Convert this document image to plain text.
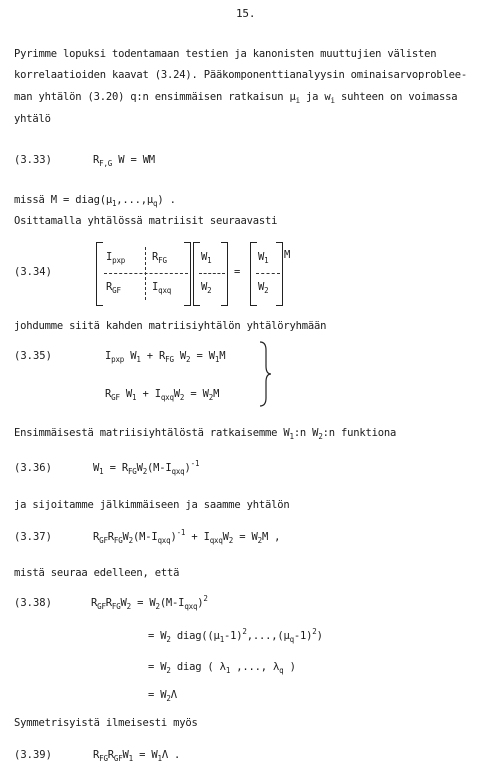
15.
Pyrimme lopuksi todentamaan testien ja kanonisten muuttujien välisten
korrelaatioiden kaavat (3.24). Pääkomponenttianalyysin ominaisarvoprobleе-
man yhtälön (3.20) q:n ensimmäisen ratkaisun $\mu_i$ ja $w_i$ suhteen on voimassa
yhtälö
(3.33)	$R_{F,G}$ W = WM
missä $M = diag(\mu_1,...,\mu_q)$ .
Osittamalla yhtälössä matriisit seuraavasti
(3.34)
$I_{pxp}$	$R_{FG}$
$R_{GF}$	$I_{qxq}$
$W_1$
$W_2$
=
$W_1$
$W_2$
M
johdumme siitä kahden matriisiyhtälön yhtälöryhmään
(3.35)	$I_{pxp}$ $W_1 + R_{FG}$ $W_2 = W_1M$
$R_{GF}$ $W_1 + I_{qxq}W_2 = W_2M$
Ensimmäisestä matriisiyhtälöstä ratkaisemme $W_1:n$ $W_2:n$ funktiona
(3.36)	$W_1 = R_{FG}W_2(M-I_{qxq})^{-1}$
ja sijoitamme jälkimmäiseen ja saamme yhtälön
(3.37)	$R_{GF}R_{FG}W_2(M-I_{qxq})^{-1} + I_{qxq}W_2 = W_2M$ ,
mistä seuraa edelleen, että
(3.38)	$R_{GF}R_{FG}W_2 = W_2(M-I_{qxq})^2$
= $W_2$ $diag((\mu_1-1)^2,...,(\mu_q-1)^2)$
= $W_2$ diag ( $\lambda_1$ ,..., $\lambda_q$ )
= $W_2\Lambda$
Symmetrisyistä ilmeisesti myös
(3.39)	$R_{FG}R_{GF}W_1 = W_1\Lambda$ .
